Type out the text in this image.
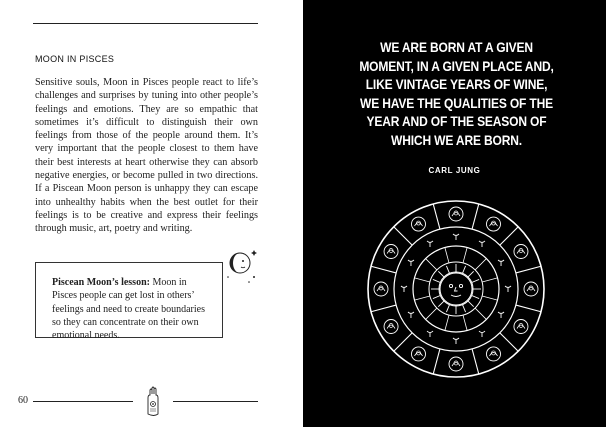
MOON IN PISCES
Sensitive souls, Moon in Pisces people react to life’s challenges and surprises by tuning into other people’s feelings and emotions. They are so empathic that sometimes it’s difficult to distinguish their own feelings from those of the people around them. It’s very important that the people closest to them have their best interests at heart otherwise they can absorb negative energies, or become pulled in two directions. If a Piscean Moon person is unhappy they can escape into unhealthy habits when the best outlet for their feelings is to be creative and express their feelings through music, art, poetry and writing.
Piscean Moon’s lesson: Moon in Pisces people can get lost in others’ feelings and need to create boundaries so they can concentrate on their own emotional needs.
60
WE ARE BORN AT A GIVEN MOMENT, IN A GIVEN PLACE AND, LIKE VINTAGE YEARS OF WINE, WE HAVE THE QUALITIES OF THE YEAR AND OF THE SEASON OF WHICH WE ARE BORN.
CARL JUNG
